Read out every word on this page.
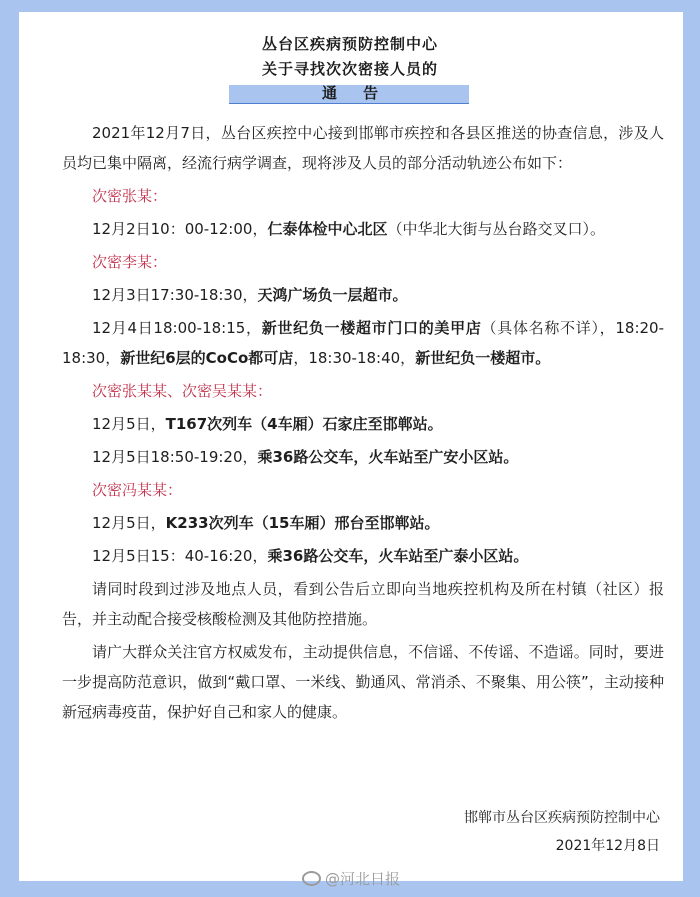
丛台区疾病预防控制中心
关于寻找次次密接人员的
通告

2021年12月7日，丛台区疾控中心接到邯郸市疾控和各县区推送的协查信息，涉及人员均已集中隔离，经流行病学调查，现将涉及人员的部分活动轨迹公布如下：

次密张某：

12月2日10：00-12:00，仁泰体检中心北区（中华北大街与丛台路交叉口）。

次密李某：

12月3日17:30-18:30，天鸿广场负一层超市。

12月4日18:00-18:15，新世纪负一楼超市门口的美甲店（具体名称不详），18:20-18:30，新世纪6层的CoCo都可店，18:30-18:40，新世纪负一楼超市。

次密张某某、次密吴某某：

12月5日，T167次列车（4车厢）石家庄至邯郸站。

12月5日18:50-19:20，乘36路公交车，火车站至广安小区站。

次密冯某某：

12月5日，K233次列车（15车厢）邢台至邯郸站。

12月5日15：40-16:20，乘36路公交车，火车站至广泰小区站。

请同时段到过涉及地点人员，看到公告后立即向当地疾控机构及所在村镇（社区）报告，并主动配合接受核酸检测及其他防控措施。

请广大群众关注官方权威发布，主动提供信息，不信谣、不传谣、不造谣。同时，要进一步提高防范意识，做到“戴口罩、一米线、勤通风、常消杀、不聚集、用公筷”，主动接种新冠病毒疫苗，保护好自己和家人的健康。

邯郸市丛台区疾病预防控制中心
2021年12月8日
@河北日报
